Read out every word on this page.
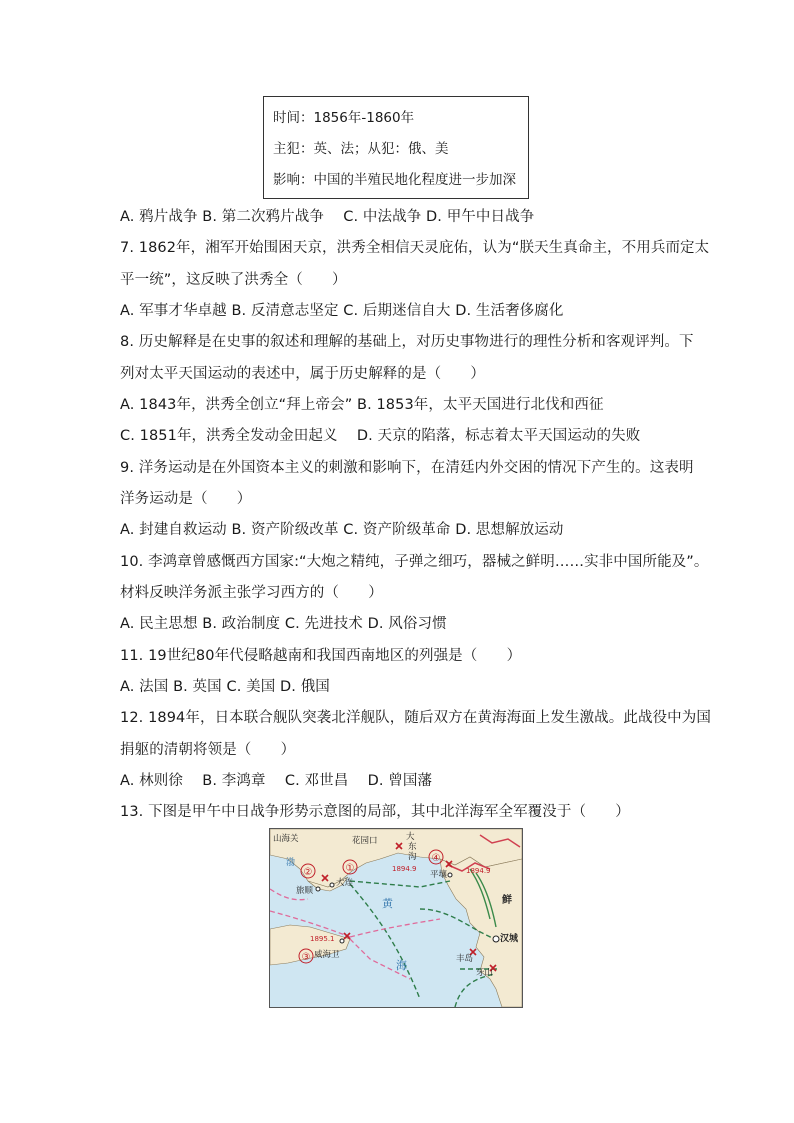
时间：1856年-1860年
主犯：英、法；从犯：俄、美
影响：中国的半殖民地化程度进一步加深
A. 鸦片战争 B. 第二次鸦片战争　 C. 中法战争 D. 甲午中日战争
7. 1862年，湘军开始围困天京，洪秀全相信天灵庇佑，认为“朕天生真命主，不用兵而定太
平一统”，这反映了洪秀全（　　）
A. 军事才华卓越 B. 反清意志坚定 C. 后期迷信自大 D. 生活奢侈腐化
8. 历史解释是在史事的叙述和理解的基础上，对历史事物进行的理性分析和客观评判。下
列对太平天国运动的表述中，属于历史解释的是（　　）
A. 1843年，洪秀全创立“拜上帝会” B. 1853年，太平天国进行北伐和西征
C. 1851年，洪秀全发动金田起义　 D. 天京的陷落，标志着太平天国运动的失败
9. 洋务运动是在外国资本主义的刺激和影响下，在清廷内外交困的情况下产生的。这表明
洋务运动是（　　）
A. 封建自救运动 B. 资产阶级改革 C. 资产阶级革命 D. 思想解放运动
10. 李鸿章曾感慨西方国家:“大炮之精纯，子弹之细巧，器械之鲜明……实非中国所能及”。
材料反映洋务派主张学习西方的（　　）
A. 民主思想 B. 政治制度 C. 先进技术 D. 风俗习惯
11. 19世纪80年代侵略越南和我国西南地区的列强是（　　）
A. 法国 B. 英国 C. 美国 D. 俄国
12. 1894年，日本联合舰队突袭北洋舰队，随后双方在黄海海面上发生激战。此战役中为国
捐躯的清朝将领是（　　）
A. 林则徐　 B. 李鸿章　 C. 邓世昌　 D. 曾国藩
13. 下图是甲午中日战争形势示意图的局部，其中北洋海军全军覆没于（　　）
①
②
③
④
山海关	花园口	大
东
沟
旅顺
大连
平壤
黄
海
渤
汉城
威海卫	丰岛
牙山
鲜
1894.9	1894.9
1895.1
